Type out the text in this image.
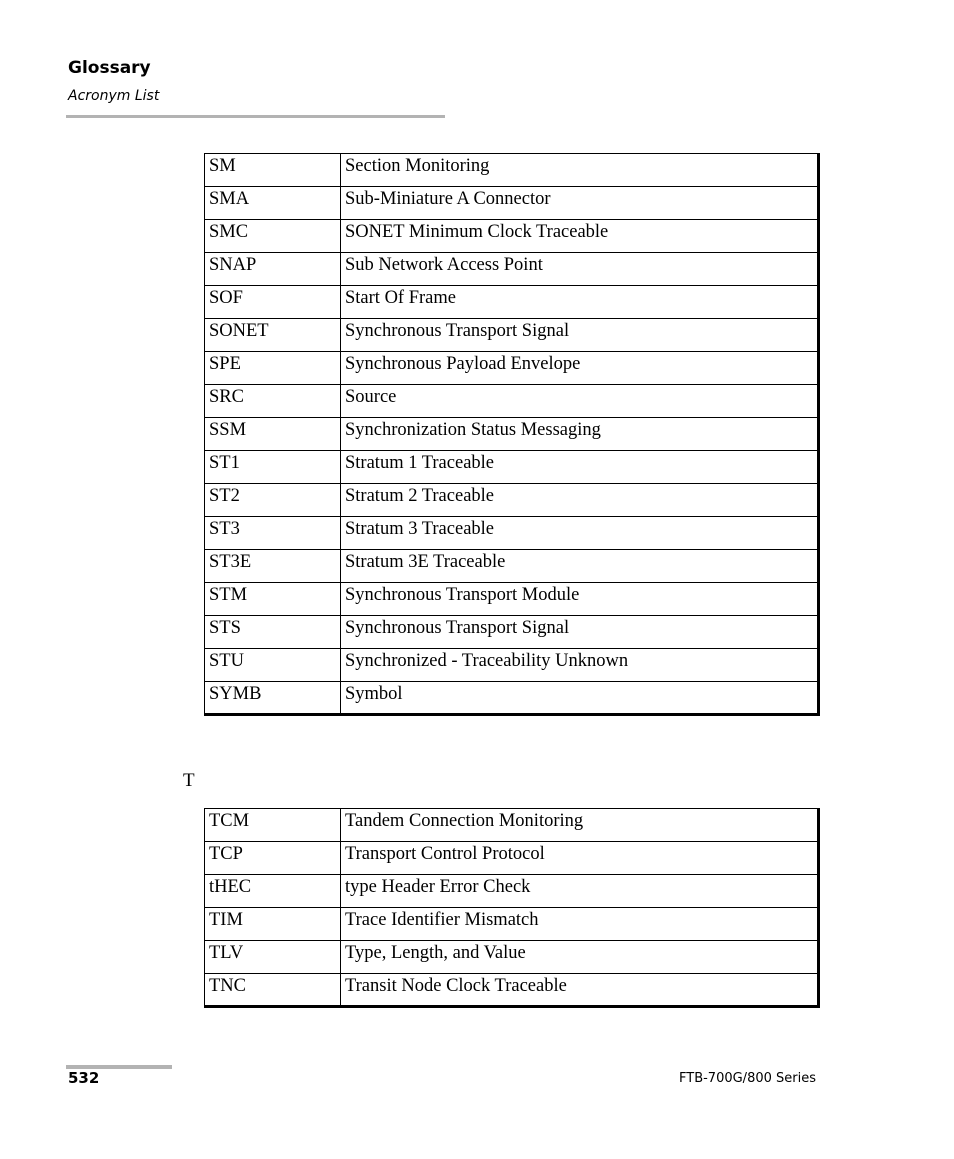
Glossary
Acronym List
SM	Section Monitoring
SMA	Sub-Miniature A Connector
SMC	SONET Minimum Clock Traceable
SNAP	Sub Network Access Point
SOF	Start Of Frame
SONET	Synchronous Transport Signal
SPE	Synchronous Payload Envelope
SRC	Source
SSM	Synchronization Status Messaging
ST1	Stratum 1 Traceable
ST2	Stratum 2 Traceable
ST3	Stratum 3 Traceable
ST3E	Stratum 3E Traceable
STM	Synchronous Transport Module
STS	Synchronous Transport Signal
STU	Synchronized - Traceability Unknown
SYMB	Symbol
T
TCM	Tandem Connection Monitoring
TCP	Transport Control Protocol
tHEC	type Header Error Check
TIM	Trace Identifier Mismatch
TLV	Type, Length, and Value
TNC	Transit Node Clock Traceable
532	FTB-700G/800 Series
